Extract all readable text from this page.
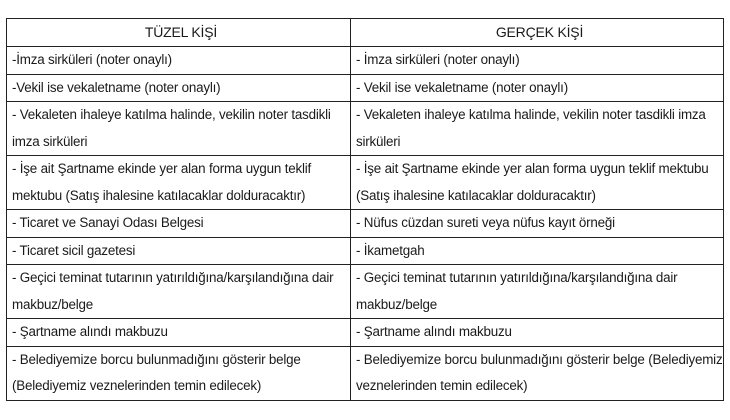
TÜZEL KİŞİ	GERÇEK KİŞİ
-İmza sirküleri (noter onaylı)	- İmza sirküleri (noter onaylı)
-Vekil ise vekaletname (noter onaylı)	- Vekil ise vekaletname (noter onaylı)
- Vekaleten ihaleye katılma halinde, vekilin noter tasdikli imza sirküleri	- Vekaleten ihaleye katılma halinde, vekilin noter tasdikli imza sirküleri
- İşe ait Şartname ekinde yer alan forma uygun teklif mektubu (Satış ihalesine katılacaklar dolduracaktır)	- İşe ait Şartname ekinde yer alan forma uygun teklif mektubu (Satış ihalesine katılacaklar dolduracaktır)
- Ticaret ve Sanayi Odası Belgesi	- Nüfus cüzdan sureti veya nüfus kayıt örneği
- Ticaret sicil gazetesi	- İkametgah
- Geçici teminat tutarının yatırıldığına/karşılandığına dair makbuz/belge	- Geçici teminat tutarının yatırıldığına/karşılandığına dair makbuz/belge
- Şartname alındı makbuzu	- Şartname alındı makbuzu
- Belediyemize borcu bulunmadığını gösterir belge (Belediyemiz veznelerinden temin edilecek)	- Belediyemize borcu bulunmadığını gösterir belge (Belediyemiz veznelerinden temin edilecek)
